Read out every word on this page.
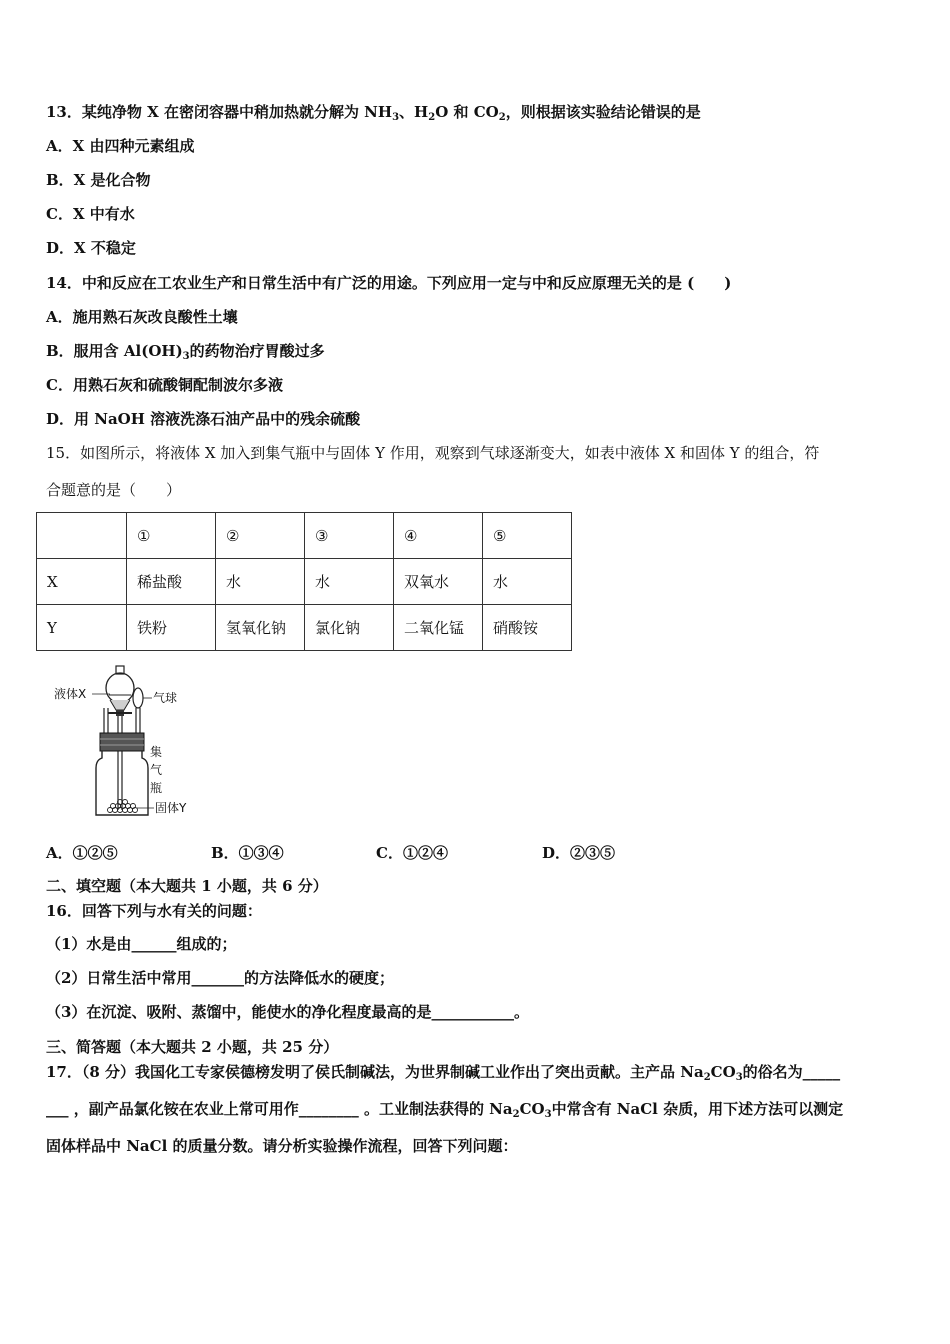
13．某纯净物 X 在密闭容器中稍加热就分解为 $NH_3$、$H_2O$ 和 $CO_2$，则根据该实验结论错误的是
A．X 由四种元素组成
B．X 是化合物
C．X 中有水
D．X 不稳定
14．中和反应在工农业生产和日常生活中有广泛的用途。下列应用一定与中和反应原理无关的是 (　　)
A．施用熟石灰改良酸性土壤
B．服用含 $Al(OH)_3$的药物治疗胃酸过多
C．用熟石灰和硫酸铜配制波尔多液
D．用 NaOH 溶液洗涤石油产品中的残余硫酸
15．如图所示，将液体 X 加入到集气瓶中与固体 Y 作用，观察到气球逐渐变大，如表中液体 X 和固体 Y 的组合，符
合题意的是（　　）
	①	②	③	④	⑤
X	稀盐酸	水	水	双氧水	水
Y	铁粉	氢氧化钠	氯化钠	二氧化锰	硝酸铵
液体X	气球
集
气
瓶
固体Y
A．①②⑤	B．①③④	C．①②④	D．②③⑤
二、填空题（本大题共 1 小题，共 6 分）
16．回答下列与水有关的问题：
（1）水是由______组成的；
（2）日常生活中常用_______的方法降低水的硬度；
（3）在沉淀、吸附、蒸馏中，能使水的净化程度最高的是___________。
三、简答题（本大题共 2 小题，共 25 分）
17．（8 分）我国化工专家侯德榜发明了侯氏制碱法，为世界制碱工业作出了突出贡献。主产品 $Na_2CO_3$的俗名为_____
___ ，副产品氯化铵在农业上常可用作________ 。工业制法获得的 $Na_2CO_3$中常含有 NaCl 杂质，用下述方法可以测定
固体样品中 NaCl 的质量分数。请分析实验操作流程，回答下列问题：
